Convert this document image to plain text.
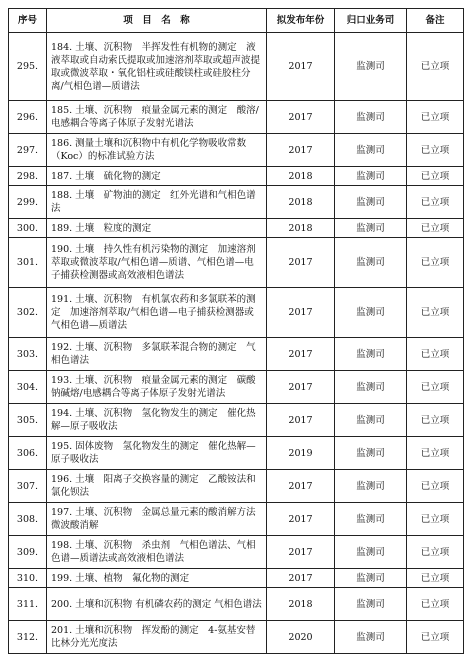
序号	项　目　名　称	拟发布年份	归口业务司	备注
295.	184. 土壤、沉积物　半挥发性有机物的测定　液液萃取或自动索氏提取或加速溶剂萃取或超声波提取或微波萃取・氧化铝柱或硅酸镁柱或硅胶柱分离/气相色谱—质谱法	2017	监测司	已立项
296.	185. 土壤、沉积物　痕量金属元素的测定　酸溶/电感耦合等离子体原子发射光谱法	2017	监测司	已立项
297.	186. 测量土壤和沉积物中有机化学物吸收常数（Koc）的标准试验方法	2017	监测司	已立项
298.	187. 土壤　硫化物的测定	2018	监测司	已立项
299.	188. 土壤　矿物油的测定　红外光谱和气相色谱法	2018	监测司	已立项
300.	189. 土壤　粒度的测定	2018	监测司	已立项
301.	190. 土壤　持久性有机污染物的测定　加速溶剂萃取或微波萃取/气相色谱—质谱、气相色谱—电子捕获检测器或高效液相色谱法	2017	监测司	已立项
302.	191. 土壤、沉积物　有机氯农药和多氯联苯的测定　加速溶剂萃取/气相色谱—电子捕获检测器或气相色谱—质谱法	2017	监测司	已立项
303.	192. 土壤、沉积物　多氯联苯混合物的测定　气相色谱法	2017	监测司	已立项
304.	193. 土壤、沉积物　痕量金属元素的测定　碳酸钠碱熔/电感耦合等离子体原子发射光谱法	2017	监测司	已立项
305.	194. 土壤、沉积物　氢化物发生的测定　催化热解—原子吸收法	2017	监测司	已立项
306.	195. 固体废物　氢化物发生的测定　催化热解—原子吸收法	2019	监测司	已立项
307.	196. 土壤　阳离子交换容量的测定　乙酸铵法和氯化钡法	2017	监测司	已立项
308.	197. 土壤、沉积物　金属总量元素的酸消解方法　微波酸消解	2017	监测司	已立项
309.	198. 土壤、沉积物　杀虫剂　气相色谱法、气相色谱—质谱法或高效液相色谱法	2017	监测司	已立项
310.	199. 土壤、植物　氟化物的测定	2017	监测司	已立项
311.	200. 土壤和沉积物 有机磷农药的测定 气相色谱法	2018	监测司	已立项
312.	201. 土壤和沉积物　挥发酚的测定　4-氨基安替比林分光光度法	2020	监测司	已立项
